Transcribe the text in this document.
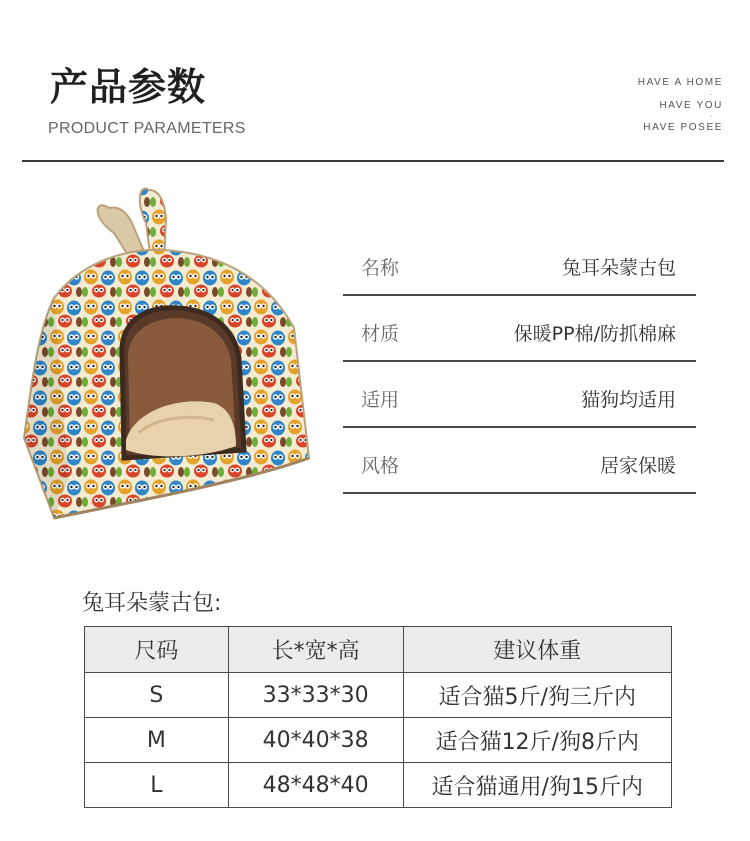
产品参数
PRODUCT PARAMETERS
HAVE A HOME
·
HAVE YOU
·
HAVE POSEE
名称	兔耳朵蒙古包
材质	保暖PP棉/防抓棉麻
适用	猫狗均适用
风格	居家保暖
兔耳朵蒙古包:
尺码	长*宽*高	建议体重
S	33*33*30	适合猫5斤/狗三斤内
M	40*40*38	适合猫12斤/狗8斤内
L	48*48*40	适合猫通用/狗15斤内
